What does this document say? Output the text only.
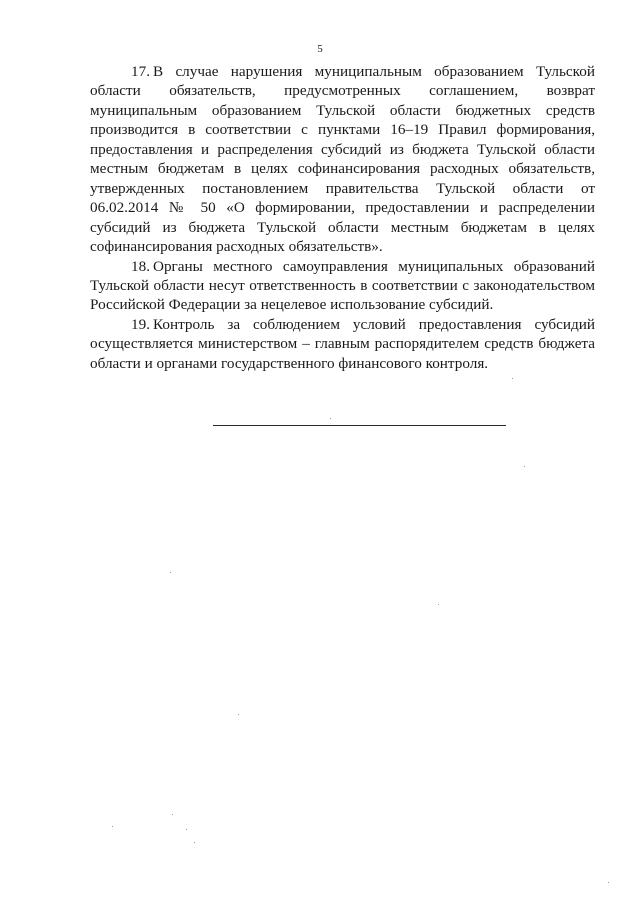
5

17. В случае нарушения муниципальным образованием Тульской области обязательств, предусмотренных соглашением, возврат муниципальным образованием Тульской области бюджетных средств производится в соответствии с пунктами 16–19 Правил формирования, предоставления и распределения субсидий из бюджета Тульской области местным бюджетам в целях софинансирования расходных обязательств, утвержденных постановлением правительства Тульской области от 06.02.2014 № 50 «О формировании, предоставлении и распределении субсидий из бюджета Тульской области местным бюджетам в целях софинансирования расходных обязательств».

18. Органы местного самоуправления муниципальных образований Тульской области несут ответственность в соответствии с законодательством Российской Федерации за нецелевое использование субсидий.

19. Контроль за соблюдением условий предоставления субсидий осуществляется министерством – главным распорядителем средств бюджета области и органами государственного финансового контроля.
